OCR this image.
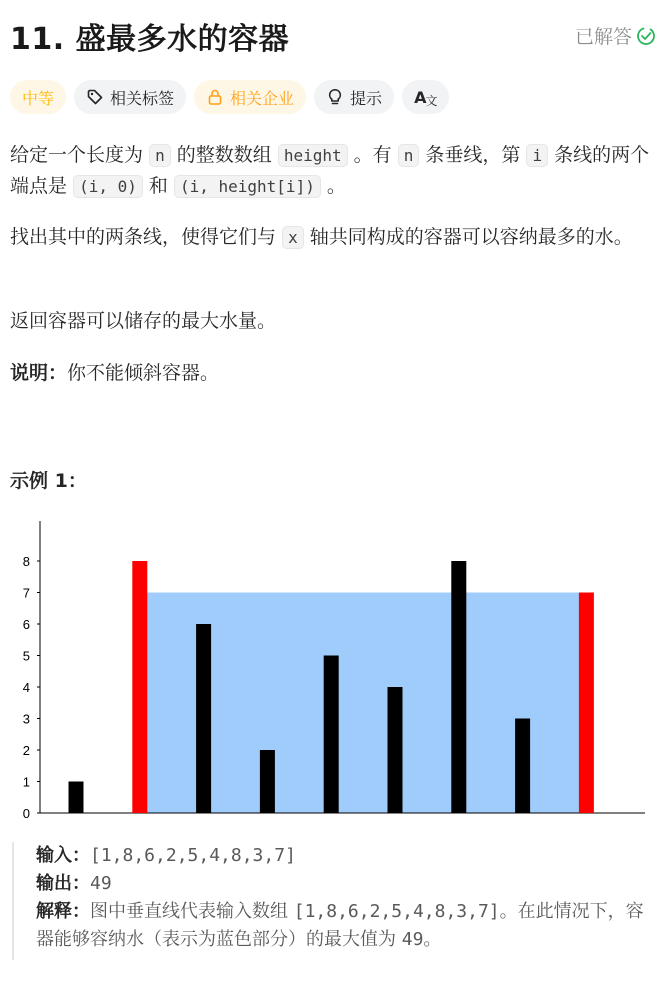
11. 盛最多水的容器	已解答
中等	相关标签	相关企业	提示 A 文
给定一个长度为 n 的整数数组 height 。有 n 条垂线，第 i 条线的两个端点是 (i, 0) 和 (i, height[i]) 。
找出其中的两条线，使得它们与 x 轴共同构成的容器可以容纳最多的水。
返回容器可以储存的最大水量。
说明：你不能倾斜容器。
示例 1：
0
1
2
3
4
5
6
7
8
输入：[1,8,6,2,5,4,8,3,7]
输出：49
解释：图中垂直线代表输入数组 [1,8,6,2,5,4,8,3,7]。在此情况下，容器能够容纳水（表示为蓝色部分）的最大值为 49。
